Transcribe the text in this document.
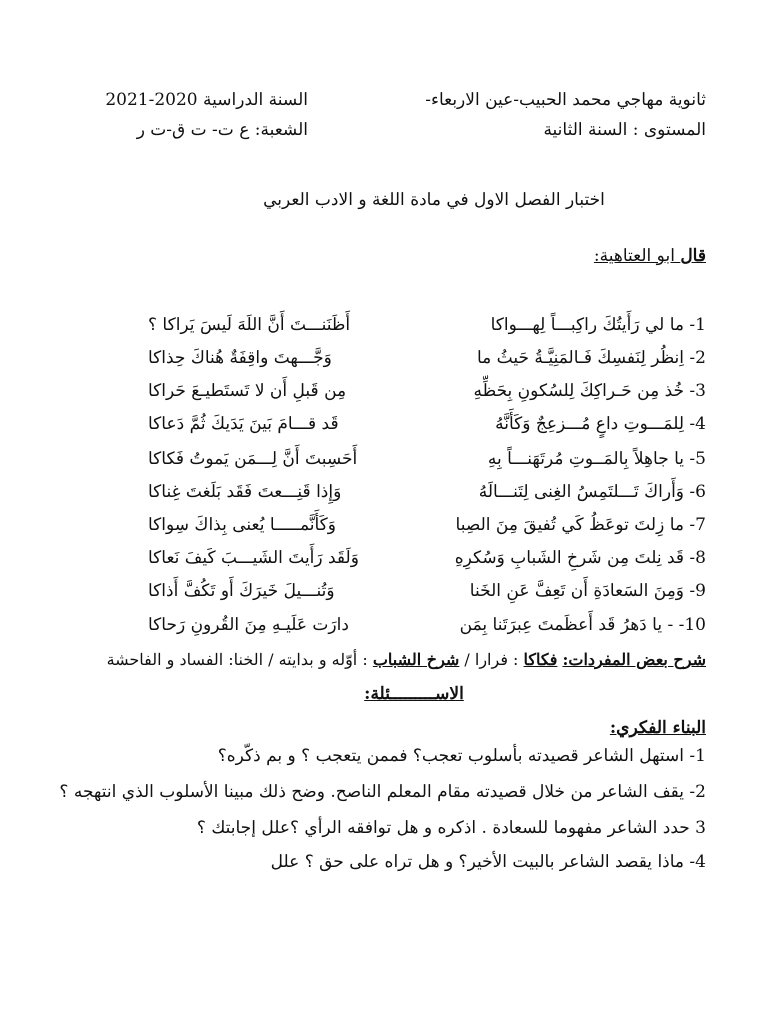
ثانوية مهاجي محمد الحبيب-عين الاربعاء-
السنة الدراسية 2020-2021
المستوى : السنة الثانية
الشعبة: ع ت- ت ق-ت ر
اختبار الفصل الاول في مادة اللغة و الادب العربي
قال ابو العتاهية:
1- ما لي رَأَيتُكَ راكِبـــاً لِهـــواكا
أَظَنَنـــتَ أَنَّ اللَهَ لَيسَ يَراكا ؟
2- اِنظُر لِنَفسِكَ فَـالمَنِيَّـةُ حَيثُ ما
وَجَّـــهتَ واقِفَةٌ هُناكَ حِذاكا
3- خُذ مِن حَـراكِكَ لِلسُكونِ بِحَظِّهِ
مِن قَبلِ أَن لا تَستَطيـعَ حَراكا
4- لِلمَـــوتِ داعٍ مُـــزعِجٌ وَكَأَنَّهُ
قَد قـــامَ بَينَ يَدَيكَ ثُمَّ دَعاكا
5- يا جاهِلاً بِالمَــوتِ مُرتَهَنـــاً بِهِ
أَحَسِبتَ أَنَّ لِـــمَن يَموتُ فَكاكا
6- وَأَراكَ تَـــلتَمِسُ الغِنى لِتَنـــالَهُ
وَإِذا قَنِـــعتَ فَقَد بَلَغتَ غِناكا
7- ما زِلتَ توعَظُ كَي تُفيقَ مِنَ الصِبا
وَكَأَنَّمـــــا يُعنى بِذاكَ سِواكا
8- قَد نِلتَ مِن شَرخِ الشَبابِ وَسُكرِهِ
وَلَقَد رَأَيتَ الشَيـــبَ كَيفَ نَعاكا
9- وَمِنَ السَعادَةِ أَن تَعِفَّ عَنِ الخَنا
وَتُنـــيلَ خَيرَكَ أَو تَكُفَّ أَذاكا
10- - يا دَهرُ قَد أَعظَمتَ عِبرَتَنا بِمَن
دارَت عَلَيـهِ مِنَ القُرونِ رَحاكا
شرح بعض المفردات: فكاكا : فرارا / شرخ الشباب : أوّله و بدايته / الخنا: الفساد و الفاحشة
الاســـــــــئلة:
البناء الفكري:
1- استهل الشاعر قصيدته بأسلوب تعجب؟ فممن يتعجب ؟ و بم ذكّره؟
2- يقف الشاعر من خلال قصيدته مقام المعلم الناصح. وضح ذلك مبينا الأسلوب الذي انتهجه ؟
3 حدد الشاعر مفهوما للسعادة . اذكره و هل توافقه الرأي ؟علل إجابتك ؟
4- ماذا يقصد الشاعر بالبيت الأخير؟ و هل تراه على حق ؟ علل
